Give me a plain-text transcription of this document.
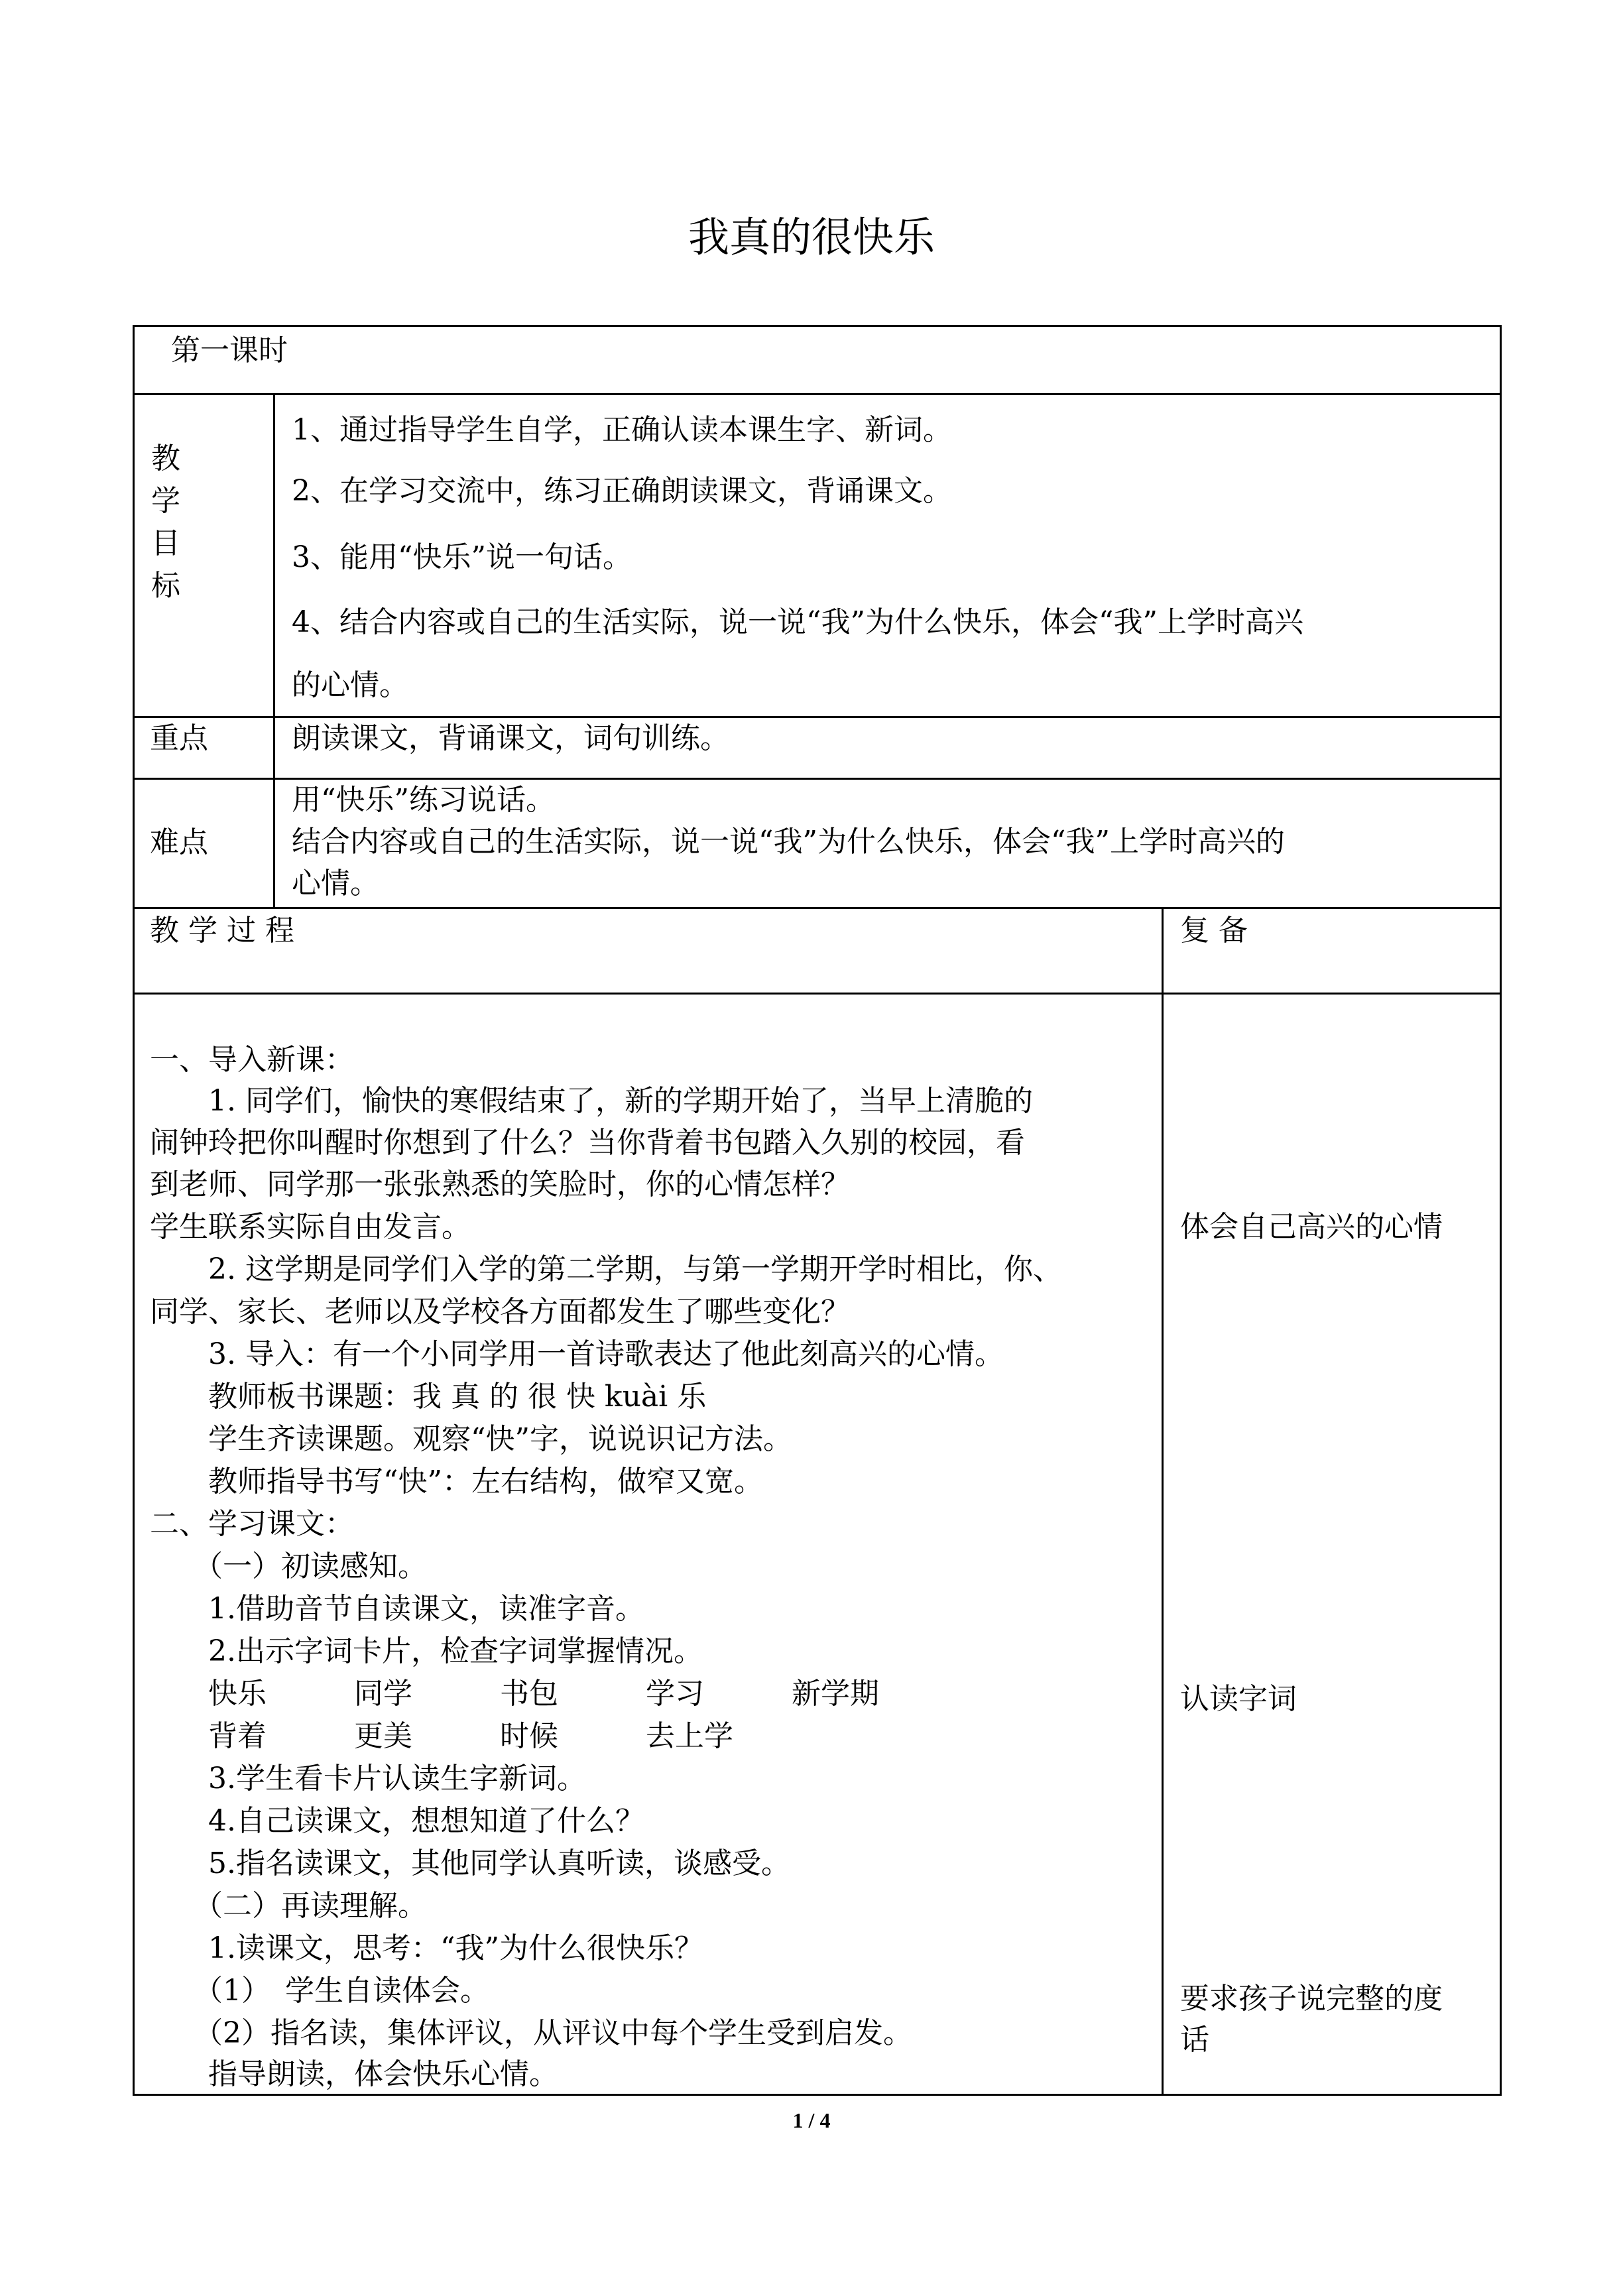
我真的很快乐
第一课时
教
学
目
标
1、通过指导学生自学，正确认读本课生字、新词。
2、在学习交流中，练习正确朗读课文，背诵课文。
3、能用“快乐”说一句话。
4、结合内容或自己的生活实际，说一说“我”为什么快乐，体会“我”上学时高兴
的心情。
重点	朗读课文，背诵课文，词句训练。
难点
用“快乐”练习说话。
结合内容或自己的生活实际，说一说“我”为什么快乐，体会“我”上学时高兴的
心情。
教 学 过 程	复 备
一、导入新课：
　　1. 同学们，愉快的寒假结束了，新的学期开始了，当早上清脆的
闹钟玲把你叫醒时你想到了什么？当你背着书包踏入久别的校园，看
到老师、同学那一张张熟悉的笑脸时，你的心情怎样？
学生联系实际自由发言。
　　2. 这学期是同学们入学的第二学期，与第一学期开学时相比，你、
同学、家长、老师以及学校各方面都发生了哪些变化？
　　3. 导入：有一个小同学用一首诗歌表达了他此刻高兴的心情。
　　教师板书课题：我 真 的 很 快 kuài 乐
　　学生齐读课题。观察“快”字，说说识记方法。
　　教师指导书写“快”：左右结构，做窄又宽。
二、学习课文：
　　（一）初读感知。
　　1.借助音节自读课文，读准字音。
　　2.出示字词卡片，检查字词掌握情况。
　　快乐　　　同学　　　书包　　　学习　　　新学期
　　背着　　　更美　　　时候　　　去上学
　　3.学生看卡片认读生字新词。
　　4.自己读课文，想想知道了什么？
　　5.指名读课文，其他同学认真听读，谈感受。
　　（二）再读理解。
　　1.读课文，思考：“我”为什么很快乐？
　　（1）　学生自读体会。
　　（2）指名读，集体评议，从评议中每个学生受到启发。
　　指导朗读，体会快乐心情。
体会自己高兴的心情
认读字词
要求孩子说完整的度
话
1 / 4
